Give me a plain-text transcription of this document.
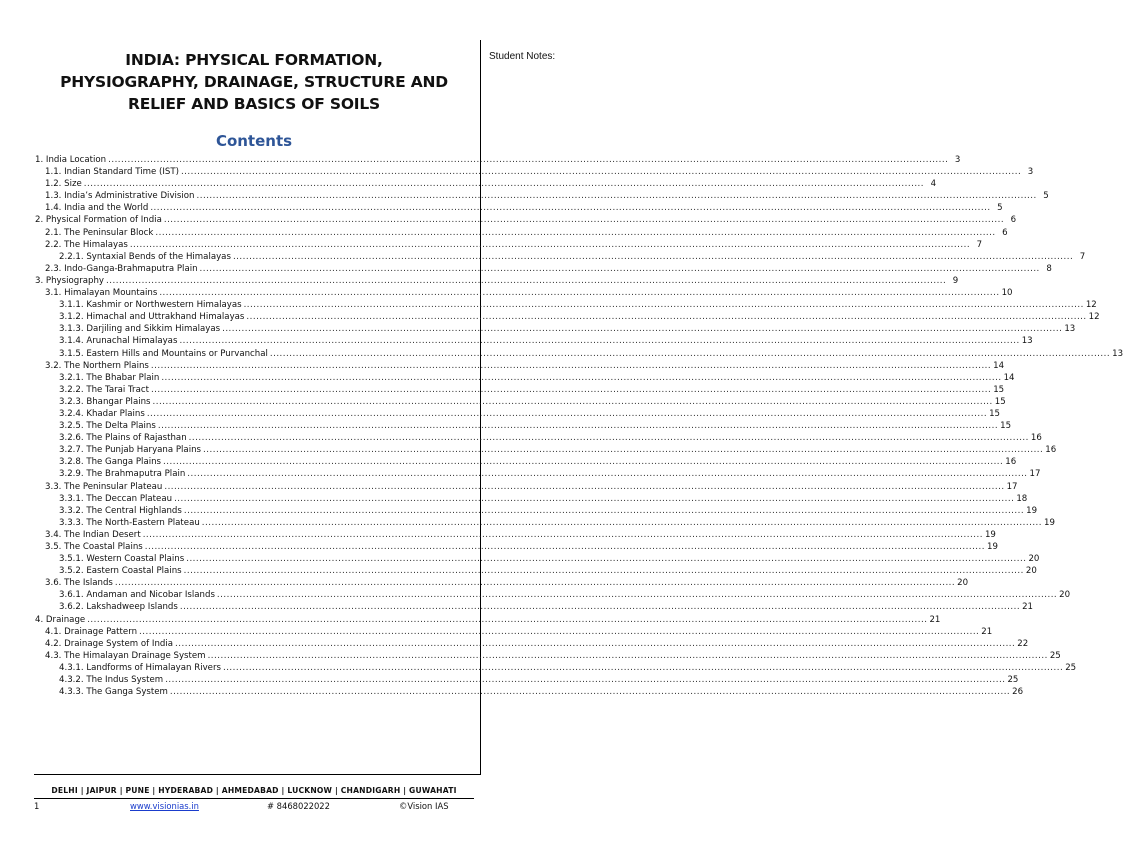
Student Notes:
INDIA: PHYSICAL FORMATION,
PHYSIOGRAPHY, DRAINAGE, STRUCTURE AND
RELIEF AND BASICS OF SOILS
Contents
1. India Location .................................................................................................................................................................................................................................................................... 3
1.1. Indian Standard Time (IST) .................................................................................................................................................................................................................................................................... 3
1.2. Size .................................................................................................................................................................................................................................................................... 4
1.3. India’s Administrative Division .................................................................................................................................................................................................................................................................... 5
1.4. India and the World .................................................................................................................................................................................................................................................................... 5
2. Physical Formation of India .................................................................................................................................................................................................................................................................... 6
2.1. The Peninsular Block .................................................................................................................................................................................................................................................................... 6
2.2. The Himalayas .................................................................................................................................................................................................................................................................... 7
2.2.1. Syntaxial Bends of the Himalayas .................................................................................................................................................................................................................................................................... 7
2.3. Indo-Ganga-Brahmaputra Plain .................................................................................................................................................................................................................................................................... 8
3. Physiography .................................................................................................................................................................................................................................................................... 9
3.1. Himalayan Mountains .................................................................................................................................................................................................................................................................... 10
3.1.1. Kashmir or Northwestern Himalayas .................................................................................................................................................................................................................................................................... 12
3.1.2. Himachal and Uttrakhand Himalayas .................................................................................................................................................................................................................................................................... 12
3.1.3. Darjiling and Sikkim Himalayas .................................................................................................................................................................................................................................................................... 13
3.1.4. Arunachal Himalayas .................................................................................................................................................................................................................................................................... 13
3.1.5. Eastern Hills and Mountains or Purvanchal .................................................................................................................................................................................................................................................................... 13
3.2. The Northern Plains .................................................................................................................................................................................................................................................................... 14
3.2.1. The Bhabar Plain .................................................................................................................................................................................................................................................................... 14
3.2.2. The Tarai Tract .................................................................................................................................................................................................................................................................... 15
3.2.3. Bhangar Plains .................................................................................................................................................................................................................................................................... 15
3.2.4. Khadar Plains .................................................................................................................................................................................................................................................................... 15
3.2.5. The Delta Plains .................................................................................................................................................................................................................................................................... 15
3.2.6. The Plains of Rajasthan .................................................................................................................................................................................................................................................................... 16
3.2.7. The Punjab Haryana Plains .................................................................................................................................................................................................................................................................... 16
3.2.8. The Ganga Plains .................................................................................................................................................................................................................................................................... 16
3.2.9. The Brahmaputra Plain .................................................................................................................................................................................................................................................................... 17
3.3. The Peninsular Plateau .................................................................................................................................................................................................................................................................... 17
3.3.1. The Deccan Plateau .................................................................................................................................................................................................................................................................... 18
3.3.2. The Central Highlands .................................................................................................................................................................................................................................................................... 19
3.3.3. The North-Eastern Plateau .................................................................................................................................................................................................................................................................... 19
3.4. The Indian Desert .................................................................................................................................................................................................................................................................... 19
3.5. The Coastal Plains .................................................................................................................................................................................................................................................................... 19
3.5.1. Western Coastal Plains .................................................................................................................................................................................................................................................................... 20
3.5.2. Eastern Coastal Plains .................................................................................................................................................................................................................................................................... 20
3.6. The Islands .................................................................................................................................................................................................................................................................... 20
3.6.1. Andaman and Nicobar Islands .................................................................................................................................................................................................................................................................... 20
3.6.2. Lakshadweep Islands .................................................................................................................................................................................................................................................................... 21
4. Drainage .................................................................................................................................................................................................................................................................... 21
4.1. Drainage Pattern .................................................................................................................................................................................................................................................................... 21
4.2. Drainage System of India .................................................................................................................................................................................................................................................................... 22
4.3. The Himalayan Drainage System .................................................................................................................................................................................................................................................................... 25
4.3.1. Landforms of Himalayan Rivers .................................................................................................................................................................................................................................................................... 25
4.3.2. The Indus System .................................................................................................................................................................................................................................................................... 25
4.3.3. The Ganga System .................................................................................................................................................................................................................................................................... 26
DELHI | JAIPUR | PUNE | HYDERABAD | AHMEDABAD | LUCKNOW | CHANDIGARH | GUWAHATI
1	www.visionias.in	# 8468022022	©Vision IAS
